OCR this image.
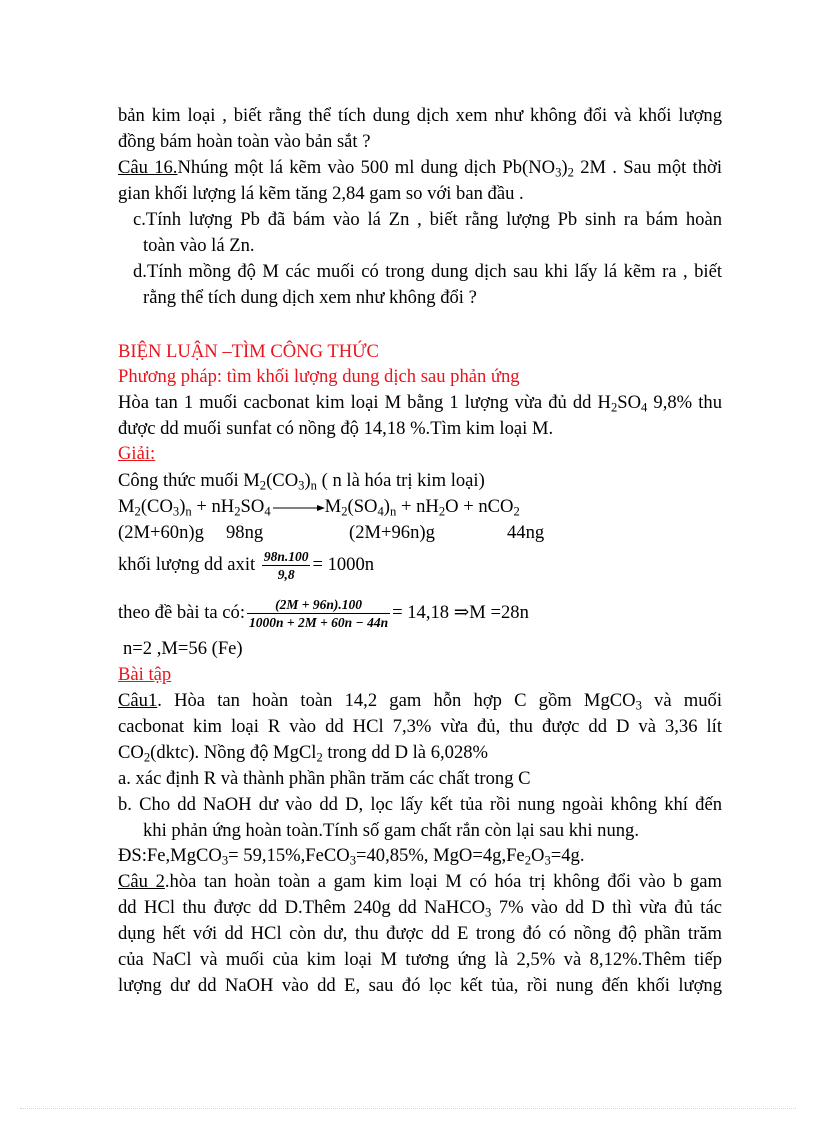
bản kim loại , biết rằng thể tích dung dịch xem như không đổi và khối lượng
đồng bám hoàn toàn vào bản sắt ?
Câu 16.Nhúng một lá kẽm vào 500 ml dung dịch $Pb(NO_3)_2$ 2M . Sau một thời
gian khối lượng lá kẽm tăng 2,84 gam so với ban đầu .
c.Tính lượng Pb đã bám vào lá Zn , biết rằng lượng Pb sinh ra bám hoàn
toàn vào lá Zn.
d.Tính mồng độ M các muối có trong dung dịch sau khi lấy lá kẽm ra , biết
rằng thể tích dung dịch xem như không đổi ?
BIỆN LUẬN –TÌM CÔNG THỨC
Phương pháp: tìm khối lượng dung dịch sau phản ứng
Hòa tan 1 muối cacbonat kim loại M bằng 1 lượng vừa đủ dd $H_2SO_4$ 9,8% thu
được dd muối sunfat có nồng độ 14,18 %.Tìm kim loại M.
Giải:
Công thức muối $M_2(CO_3)_n$ ( n là hóa trị kim loại)
$M_2(CO_3)_n + nH_2SO_4\to M_2(SO_4)_n + nH_2O + nCO_2$
(2M+60n)g 98ng	(2M+96n)g	44ng
khối lượng dd axit $\frac{98n.100}{9,8} = 1000n$
theo đề bài ta có: $\frac{(2M + 96n).100}{1000n + 2M + 60n - 44n} = 14,18$ ⇒M =28n
n=2 ,M=56 (Fe)
Bài tập
Câu1. Hòa tan hoàn toàn 14,2 gam hỗn hợp C gồm MgCO$_3$ và muối
cacbonat kim loại R vào dd HCl 7,3% vừa đủ, thu được dd D và 3,36 lít
$CO_2(dktc)$. Nồng độ MgCl$_2$ trong dd D là 6,028%
a. xác định R và thành phần phần trăm các chất trong C
b. Cho dd NaOH dư vào dd D, lọc lấy kết tủa rồi nung ngoài không khí đến
khi phản ứng hoàn toàn.Tính số gam chất rắn còn lại sau khi nung.
ĐS:Fe,MgCO$_3$= 59,15%,FeCO$_3$=40,85%, $MgO=4g,Fe_2O_3=4g$.
Câu 2.hòa tan hoàn toàn a gam kim loại M có hóa trị không đổi vào b gam
dd HCl thu được dd D.Thêm 240g dd NaHCO$_3$ 7% vào dd D thì vừa đủ tác
dụng hết với dd HCl còn dư, thu được dd E trong đó có nồng độ phần trăm
của NaCl và muối của kim loại M tương ứng là 2,5% và 8,12%.Thêm tiếp
lượng dư dd NaOH vào dd E, sau đó lọc kết tủa, rồi nung đến khối lượng
